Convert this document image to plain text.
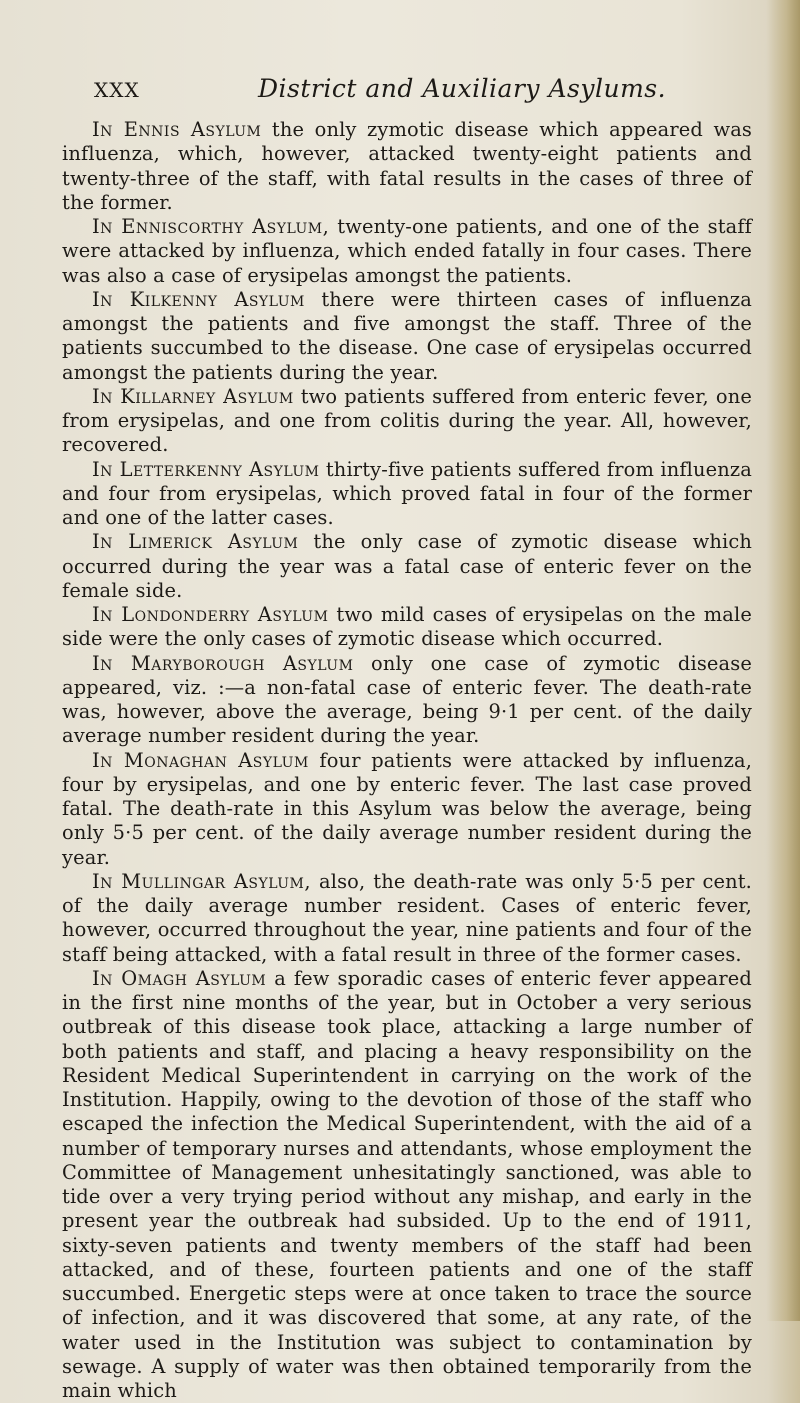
XXX	District and Auxiliary Asylums.

In Ennis Asylum the only zymotic disease which appeared was influenza, which, however, attacked twenty-eight patients and twenty-three of the staff, with fatal results in the cases of three of the former.

In Enniscorthy Asylum, twenty-one patients, and one of the staff were attacked by influenza, which ended fatally in four cases. There was also a case of erysipelas amongst the patients.

In Kilkenny Asylum there were thirteen cases of influenza amongst the patients and five amongst the staff. Three of the patients succumbed to the disease. One case of erysipelas occurred amongst the patients during the year.

In Killarney Asylum two patients suffered from enteric fever, one from erysipelas, and one from colitis during the year. All, however, recovered.

In Letterkenny Asylum thirty-five patients suffered from influenza and four from erysipelas, which proved fatal in four of the former and one of the latter cases.

In Limerick Asylum the only case of zymotic disease which occurred during the year was a fatal case of enteric fever on the female side.

In Londonderry Asylum two mild cases of erysipelas on the male side were the only cases of zymotic disease which occurred.

In Maryborough Asylum only one case of zymotic disease appeared, viz. :—a non-fatal case of enteric fever. The death-rate was, however, above the average, being 9·1 per cent. of the daily average number resident during the year.

In Monaghan Asylum four patients were attacked by influenza, four by erysipelas, and one by enteric fever. The last case proved fatal. The death-rate in this Asylum was below the average, being only 5·5 per cent. of the daily average number resident during the year.

In Mullingar Asylum, also, the death-rate was only 5·5 per cent. of the daily average number resident. Cases of enteric fever, however, occurred throughout the year, nine patients and four of the staff being attacked, with a fatal result in three of the former cases.

In Omagh Asylum a few sporadic cases of enteric fever appeared in the first nine months of the year, but in October a very serious outbreak of this disease took place, attacking a large number of both patients and staff, and placing a heavy responsibility on the Resident Medical Superintendent in carrying on the work of the Institution. Happily, owing to the devotion of those of the staff who escaped the infection the Medical Superintendent, with the aid of a number of temporary nurses and attendants, whose employment the Committee of Management unhesitatingly sanctioned, was able to tide over a very trying period without any mishap, and early in the present year the outbreak had subsided. Up to the end of 1911, sixty-seven patients and twenty members of the staff had been attacked, and of these, fourteen patients and one of the staff succumbed. Energetic steps were at once taken to trace the source of infection, and it was discovered that some, at any rate, of the water used in the Institution was subject to contamination by sewage. A supply of water was then obtained temporarily from the main which
